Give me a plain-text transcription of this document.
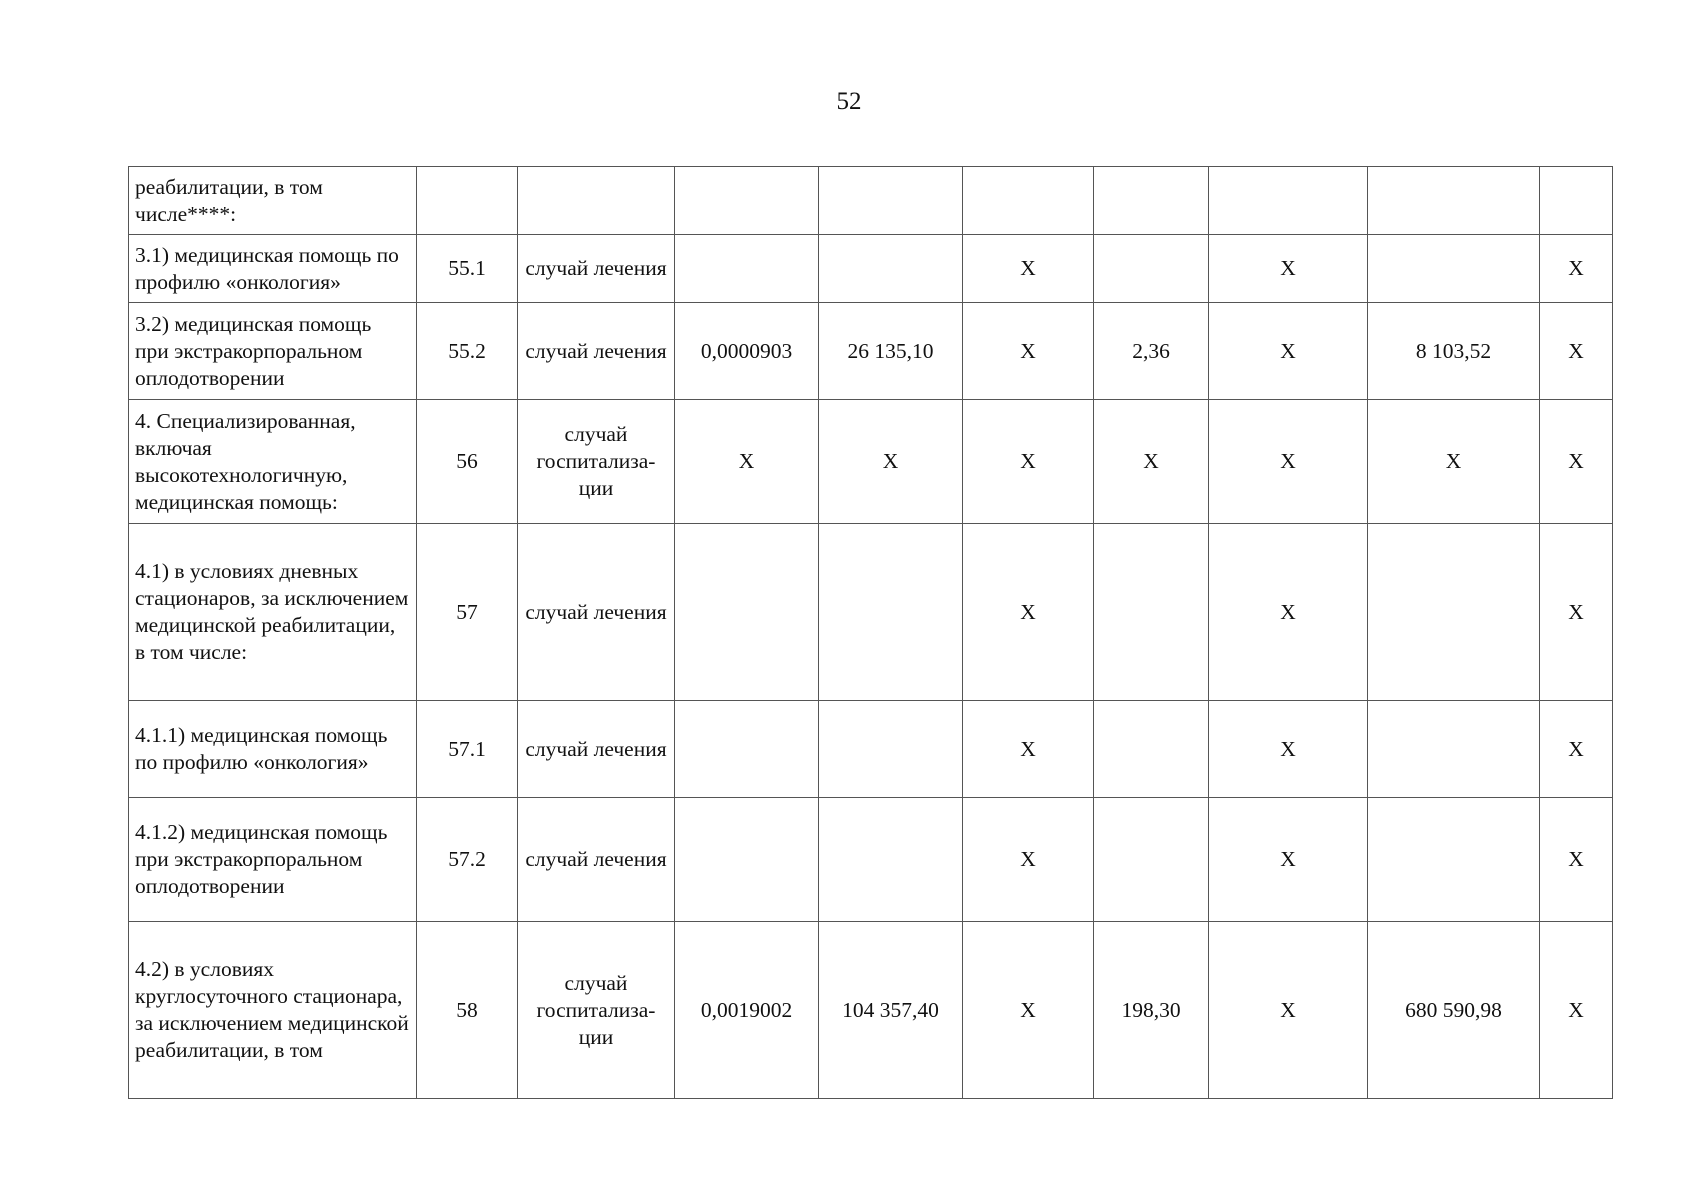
52
реабилитации, в том числе****:									
3.1) медицинская помощь по профилю «онкология»	55.1	случай лечения			X		X		X
3.2) медицинская помощь при экстракорпоральном оплодотворении	55.2	случай лечения	0,0000903	26 135,10	X	2,36	X	8 103,52	X
4. Специализированная, включая высокотехнологичную, медицинская помощь:	56	случай госпитализа-ции	X	X	X	X	X	X	X
4.1) в условиях дневных стационаров, за исключением медицинской реабилитации, в том числе:	57	случай лечения			X		X		X
4.1.1) медицинская помощь по профилю «онкология»	57.1	случай лечения			X		X		X
4.1.2) медицинская помощь при экстракорпоральном оплодотворении	57.2	случай лечения			X		X		X
4.2) в условиях круглосуточного стационара, за исключением медицинской реабилитации, в том	58	случай госпитализа-ции	0,0019002	104 357,40	X	198,30	X	680 590,98	X
